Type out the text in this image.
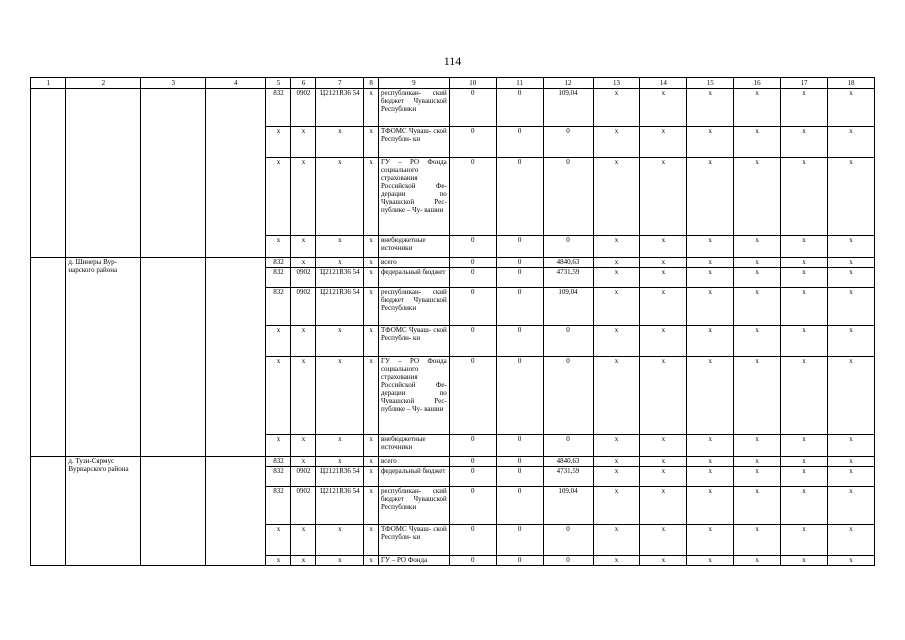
114
1	2	3	4	5	6	7	8	9	10	11	12	13	14	15	16	17	18
				832	0902	Ц2121R36 54	x	республикан- ский бюджет Чувашской Республики	0	0	109,04	x	x	x	x	x	x
				x	x	x	x	ТФОМС Чуваш- ской Республи- ки	0	0	0	x	x	x	x	x	x
				x	x	x	x	ГУ – РО Фонда социального страхования Российской Фе- дерации по Чувашской Рес- публике – Чу- вашии	0	0	0	x	x	x	x	x	x
				x	x	x	x	внебюджетные источники	0	0	0	x	x	x	x	x	x
	д. Шинеры Вур- нарского района			832	x	x	x	всего	0	0	4840,63	x	x	x	x	x	x
				832	0902	Ц2121R36 54	x	федеральный бюджет	0	0	4731,59	x	x	x	x	x	x
				832	0902	Ц2121R36 54	x	республикан- ский бюджет Чувашской Республики	0	0	109,04	x	x	x	x	x	x
				x	x	x	x	ТФОМС Чуваш- ской Республи- ки	0	0	0	x	x	x	x	x	x
				x	x	x	x	ГУ – РО Фонда социального страхования Российской Фе- дерации по Чувашской Рес- публике – Чу- вашии	0	0	0	x	x	x	x	x	x
				x	x	x	x	внебюджетные источники	0	0	0	x	x	x	x	x	x
	д. Тузи-Сярмус Вурнарского района			832	x	x	x	всего	0	0	4840,63	x	x	x	x	x	x
				832	0902	Ц2121R36 54	x	федеральный бюджет	0	0	4731,59	x	x	x	x	x	x
				832	0902	Ц2121R36 54	x	республикан- ский бюджет Чувашской Республики	0	0	109,04	x	x	x	x	x	x
				x	x	x	x	ТФОМС Чуваш- ской Республи- ки	0	0	0	x	x	x	x	x	x
				x	x	x	x	ГУ – РО Фонда	0	0	0	x	x	x	x	x	x
